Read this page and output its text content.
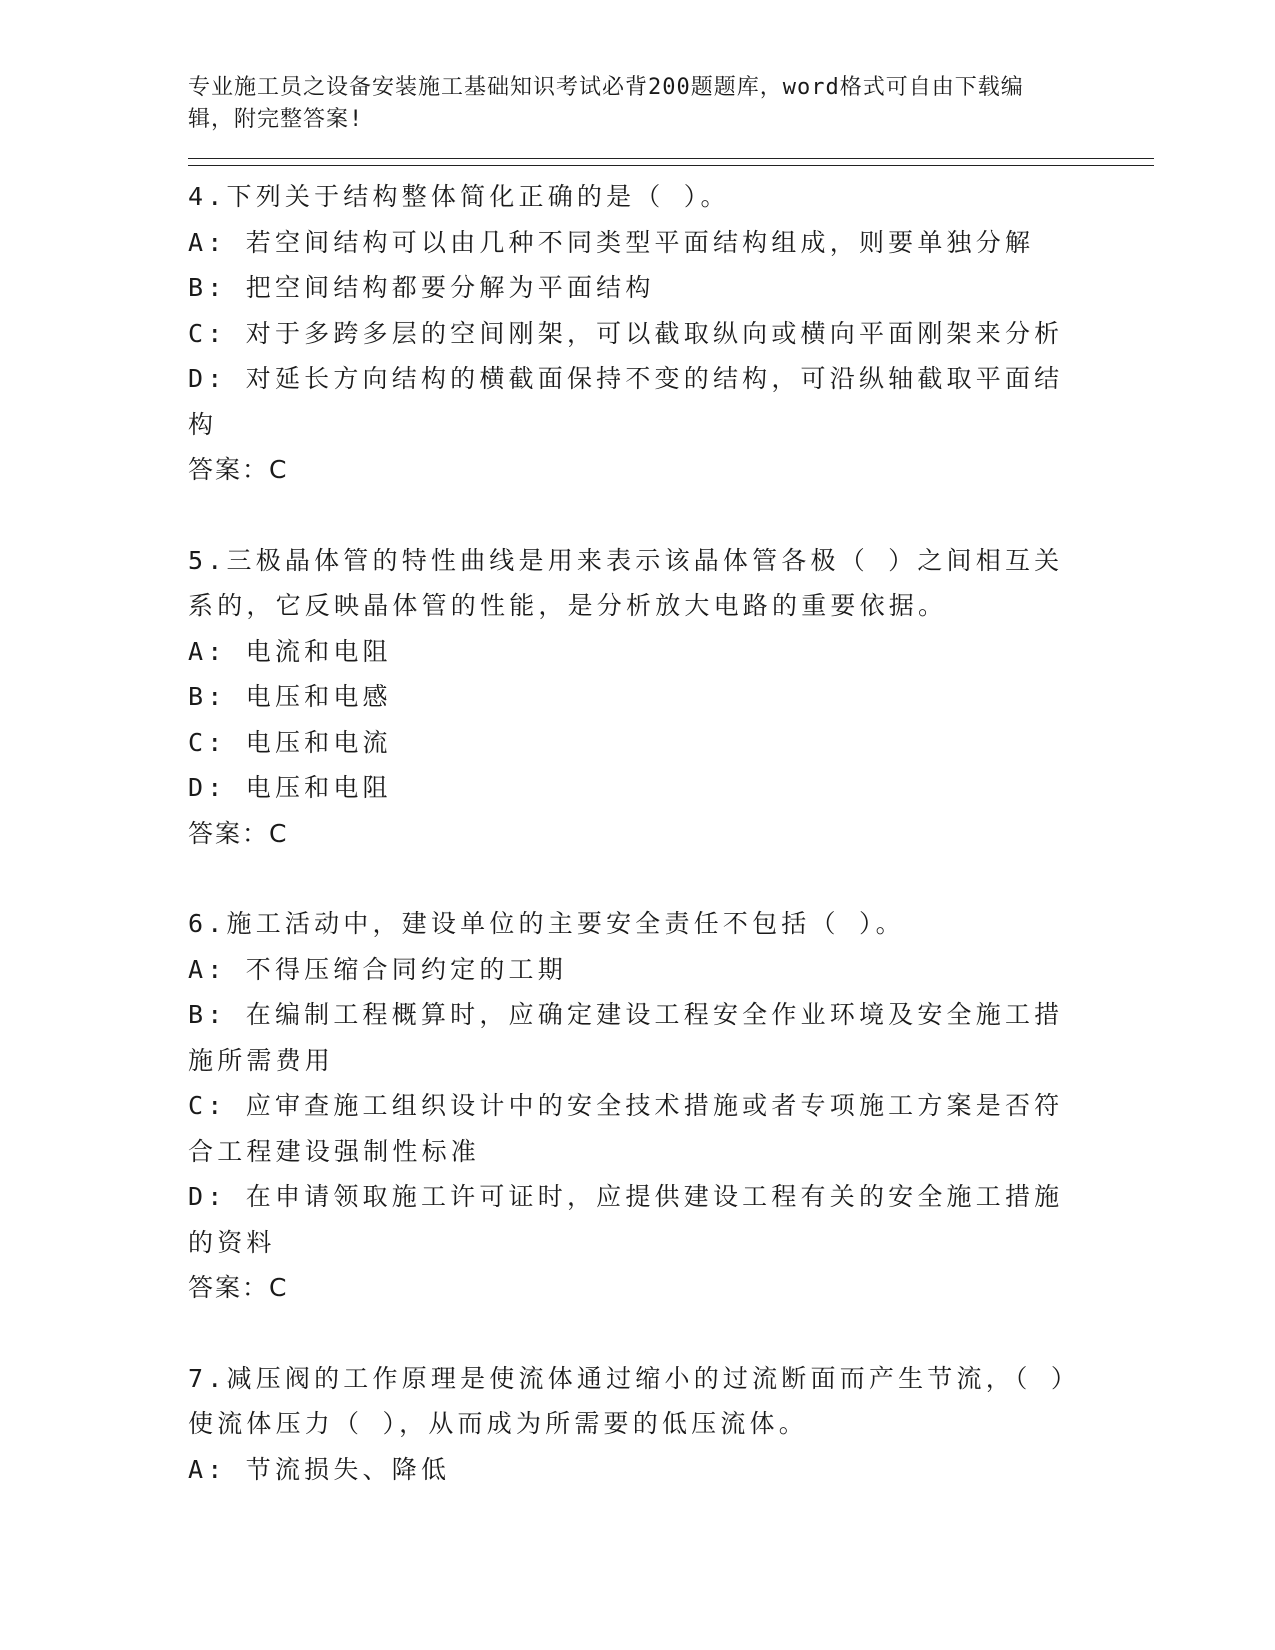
专业施工员之设备安装施工基础知识考试必背200题题库，word格式可自由下载编辑，附完整答案!
4.下列关于结构整体简化正确的是（ ）。
A: 若空间结构可以由几种不同类型平面结构组成，则要单独分解
B: 把空间结构都要分解为平面结构
C: 对于多跨多层的空间刚架，可以截取纵向或横向平面刚架来分析
D: 对延长方向结构的横截面保持不变的结构，可沿纵轴截取平面结构
答案：C
5.三极晶体管的特性曲线是用来表示该晶体管各极（ ）之间相互关系的，它反映晶体管的性能，是分析放大电路的重要依据。
A: 电流和电阻
B: 电压和电感
C: 电压和电流
D: 电压和电阻
答案：C
6.施工活动中，建设单位的主要安全责任不包括（ ）。
A: 不得压缩合同约定的工期
B: 在编制工程概算时，应确定建设工程安全作业环境及安全施工措施所需费用
C: 应审查施工组织设计中的安全技术措施或者专项施工方案是否符合工程建设强制性标准
D: 在申请领取施工许可证时，应提供建设工程有关的安全施工措施的资料
答案：C
7.减压阀的工作原理是使流体通过缩小的过流断面而产生节流，（ ）使流体压力（ ），从而成为所需要的低压流体。
A: 节流损失、降低
